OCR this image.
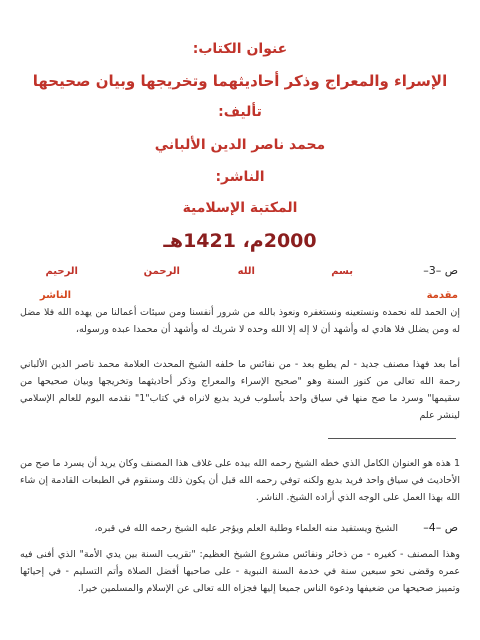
عنوان الكتاب:
الإسراء والمعراج وذكر أحاديثهما وتخريجها وبيان صحيحها
تأليف:
محمد ناصر الدين الألباني
الناشر:
المكتبة الإسلامية
2000م، 1421هـ
ص –3–
بسم
الله
الرحمن
الرحيم
مقدمة
الناشر
إن الحمد لله نحمده ونستعينه ونستغفره ونعوذ بالله من شرور أنفسنا ومن سيئات أعمالنا من يهده الله فلا مضل له ومن يضلل فلا هادي له وأشهد أن لا إله إلا الله وحده لا شريك له وأشهد أن محمدا عبده ورسوله،
أما بعد فهذا مصنف جديد - لم يطبع بعد - من نفائس ما خلفه الشيخ المحدث العلامة محمد ناصر الدين الألباني رحمة الله تعالى من كنوز السنة وهو "صحيح الإسراء والمعراج وذكر أحاديثهما وتخريجها وبيان صحيحها من سقيمها" وسرد ما صح منها في سياق واحد بأسلوب فريد بديع لانراه في كتاب"1" نقدمه اليوم للعالم الإسلامي لينشر علم
1 هذه هو العنوان الكامل الذي خطه الشيخ رحمه الله بيده على غلاف هذا المصنف وكان يريد أن يسرد ما صح من الأحاديث في سياق واحد فريد بديع ولكنه توفي رحمه الله قبل أن يكون ذلك وسنقوم في الطبعات القادمة إن شاء الله بهذا العمل على الوجه الذي أراده الشيخ. الناشر.
ص –4–
الشيخ ويستفيد منه العلماء وطلبة العلم ويؤجر عليه الشيخ رحمه الله في قبره،
وهذا المصنف - كغيره - من ذخائر ونفائس مشروع الشيخ العظيم: "تقريب السنة بين يدي الأمة" الذي أفنى فيه عمره وقضى نحو سبعين سنة في خدمة السنة النبوية - على صاحبها أفضل الصلاة وأتم التسليم - في إحيائها وتمييز صحيحها من ضعيفها ودعوة الناس جميعا إليها فجزاه الله تعالى عن الإسلام والمسلمين خيرا.
